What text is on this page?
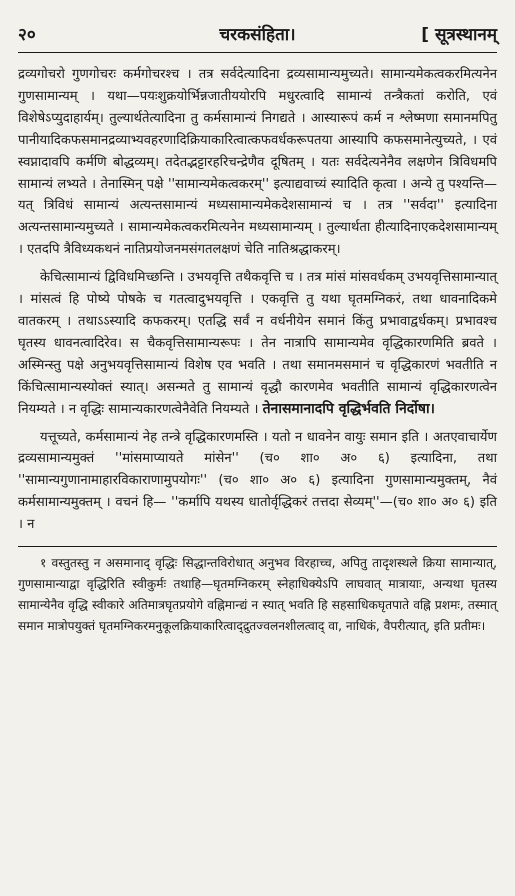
२०	चरकसंहिता।	[ सूत्रस्थानम्

द्रव्यगोचरो गुणगोचरः कर्मगोचरश्च । तत्र सर्वदेत्यादिना द्रव्यसामान्यमुच्यते। सामान्यमेकत्वकरमित्यनेन गुणसामान्यम् । यथा—पयःशुक्रयोर्भिन्नजातीययोरपि मधुरत्वादि सामान्यं तन्त्रैकतां करोति, एवं विशेषेऽप्युदाहार्यम्। तुल्यार्थतेत्यादिना तु कर्मसामान्यं निगद्यते । आस्यारूपं कर्म न श्लेष्मणा समानमपितु पानीयादिकफसमानद्रव्याभ्यवहरणादिक्रियाकारित्वात्कफवर्धकरूपतया आस्यापि कफसमानेत्युच्यते, । एवं स्वप्नादावपि कर्मणि बोद्धव्यम्। तदेतद्भट्टारहरिचन्द्रेणैव दूषितम् । यतः सर्वदेत्यनेनैव लक्षणेन त्रिविधमपि सामान्यं लभ्यते । तेनास्मिन् पक्षे ''सामान्यमेकत्वकरम्'' इत्याद्यवाच्यं स्यादिति कृत्वा । अन्ये तु पश्यन्ति—यत् त्रिविधं सामान्यं अत्यन्तसामान्यं मध्यसामान्यमेकदेशसामान्यं च । तत्र ''सर्वदा'' इत्यादिना अत्यन्तसामान्यमुच्यते । सामान्यमेकत्वकरमित्यनेन मध्यसामान्यम् । तुल्यार्थता हीत्यादिनाएकदेशसामान्यम् । एतदपि त्रैविध्यकथनं नातिप्रयोजनमसंगतलक्षणं चेति नातिश्रद्धाकरम्।

केचित्सामान्यं द्विविधमिच्छन्ति । उभयवृत्ति तथैकवृत्ति च । तत्र मांसं मांसवर्धकम् उभयवृत्तिसामान्यात् । मांसत्वं हि पोष्ये पोषके च गतत्वादुभयवृत्ति । एकवृत्ति तु यथा घृतमग्निकरं, तथा धावनादिकमे वातकरम् । तथाऽऽस्यादि कफकरम्। एतद्धि सर्वं न वर्धनीयेन समानं किंतु प्रभावाद्वर्धकम्। प्रभावश्च घृतस्य धावनत्वादिरेव। स चैकवृत्तिसामान्यरूपः । तेन नात्रापि सामान्यमेव वृद्धिकारणमिति ब्रवते । अस्मिन्स्तु पक्षे अनुभयवृत्तिसामान्यं विशेष एव भवति । तथा समानमसमानं च वृद्धिकारणं भवतीति न किंचित्सामान्यस्योक्तं स्यात्। असन्मते तु सामान्यं वृद्धौ कारणमेव भवतीति सामान्यं वृद्धिकारणत्वेन नियम्यते । न वृद्धिः सामान्यकारणत्वेनैवेति नियम्यते । तेनासमानादपि वृद्धिर्भवति निर्दोषा।

यत्तूच्यते, कर्मसामान्यं नेह तन्त्रे वृद्धिकारणमस्ति । यतो न धावनेन वायुः समान इति । अतएवाचार्येण द्रव्यसामान्यमुक्तं ''मांसमाप्यायते मांसेन'' (च० शा० अ० ६) इत्यादिना, तथा ''सामान्यगुणानामाहारविकाराणामुपयोगः'' (च० शा० अ० ६) इत्यादिना गुणसामान्यमुक्तम्, नैवं कर्मसामान्यमुक्तम् । वचनं हि— ''कर्मापि यथस्य धातोर्वृद्धिकरं तत्तदा सेव्यम्''—(च० शा० अ० ६) इति । न

१ वस्तुतस्तु न असमानाद् वृद्धिः सिद्धान्तविरोधात् अनुभव विरहाच्च, अपितु तादृशस्थले क्रिया सामान्यात्, गुणसामान्याद्वा वृद्धिरिति स्वीकुर्मः तथाहि—घृतमग्निकरम् स्नेहाधिक्येऽपि लाघवात् मात्रायाः, अन्यथा घृतस्य सामान्येनैव वृद्धि स्वीकारे अतिमात्रघृतप्रयोगे वह्निमान्द्यं न स्यात् भवति हि सहसाधिकघृतपाते वह्नि प्रशमः, तस्मात् समान मात्रोपयुक्तं घृतमग्निकरमनुकूलक्रियाकारित्वाद्द्रुतज्वलनशीलत्वाद् वा, नाधिकं, वैपरीत्यात्, इति प्रतीमः।
